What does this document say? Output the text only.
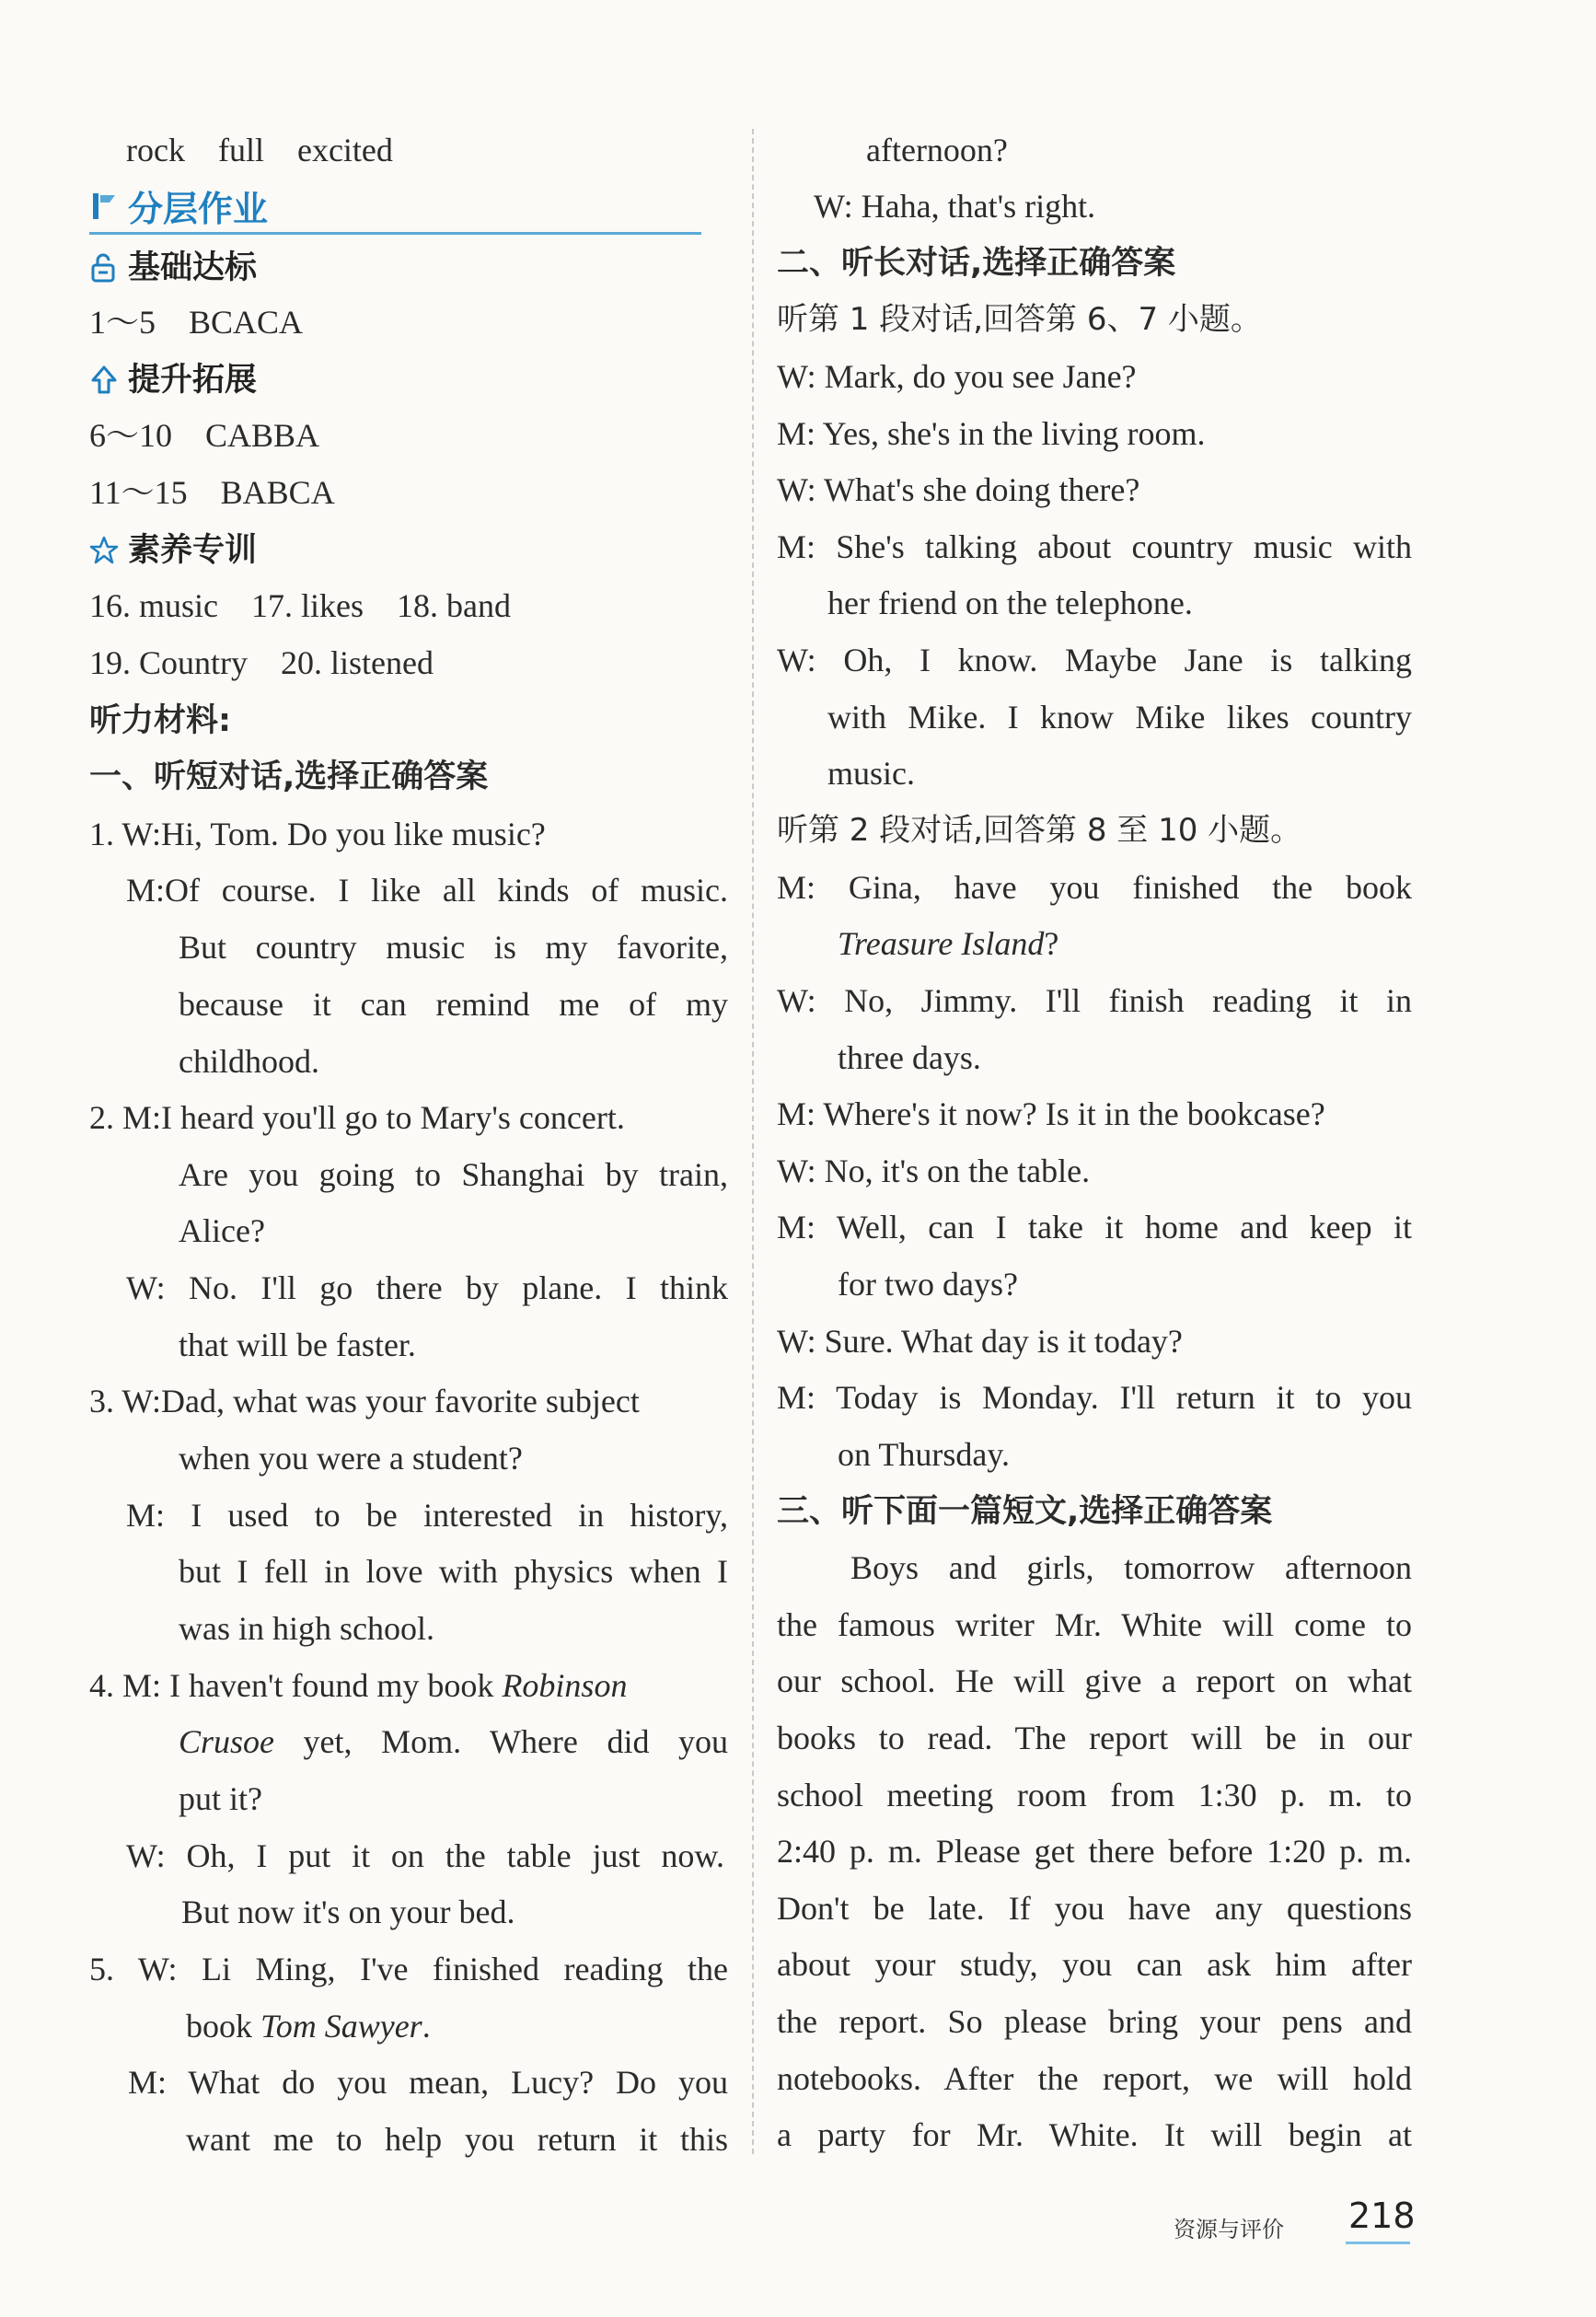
rock　full　excited
分层作业
基础达标
1～5　BCACA
提升拓展
6～10　CABBA
11～15　BABCA
素养专训
16. music　17. likes　18. band
19. Country　20. listened
听力材料:
一、听短对话,选择正确答案
1. W:Hi, Tom. Do you like music?
M:Of course. I like all kinds of music.
But country music is my favorite,
because it can remind me of my
childhood.
2. M:I heard you'll go to Mary's concert.
Are you going to Shanghai by train,
Alice?
W: No. I'll go there by plane. I think
that will be faster.
3. W:Dad, what was your favorite subject
when you were a student?
M: I used to be interested in history,
but I fell in love with physics when I
was in high school.
4. M: I haven't found my book Robinson
Crusoe yet, Mom. Where did you
put it?
W: Oh, I put it on the table just now.
But now it's on your bed.
5. W: Li Ming, I've finished reading the
book Tom Sawyer.
M: What do you mean, Lucy? Do you
want me to help you return it this
afternoon?
W: Haha, that's right.
二、听长对话,选择正确答案
听第 1 段对话,回答第 6、7 小题。
W: Mark, do you see Jane?
M: Yes, she's in the living room.
W: What's she doing there?
M: She's talking about country music with
her friend on the telephone.
W: Oh, I know. Maybe Jane is talking
with Mike. I know Mike likes country
music.
听第 2 段对话,回答第 8 至 10 小题。
M: Gina, have you finished the book
Treasure Island?
W: No, Jimmy. I'll finish reading it in
three days.
M: Where's it now? Is it in the bookcase?
W: No, it's on the table.
M: Well, can I take it home and keep it
for two days?
W: Sure. What day is it today?
M: Today is Monday. I'll return it to you
on Thursday.
三、听下面一篇短文,选择正确答案
Boys and girls, tomorrow afternoon
the famous writer Mr. White will come to
our school. He will give a report on what
books to read. The report will be in our
school meeting room from 1:30 p. m. to
2:40 p. m. Please get there before 1:20 p. m.
Don't be late. If you have any questions
about your study, you can ask him after
the report. So please bring your pens and
notebooks. After the report, we will hold
a party for Mr. White. It will begin at
资源与评价 218
